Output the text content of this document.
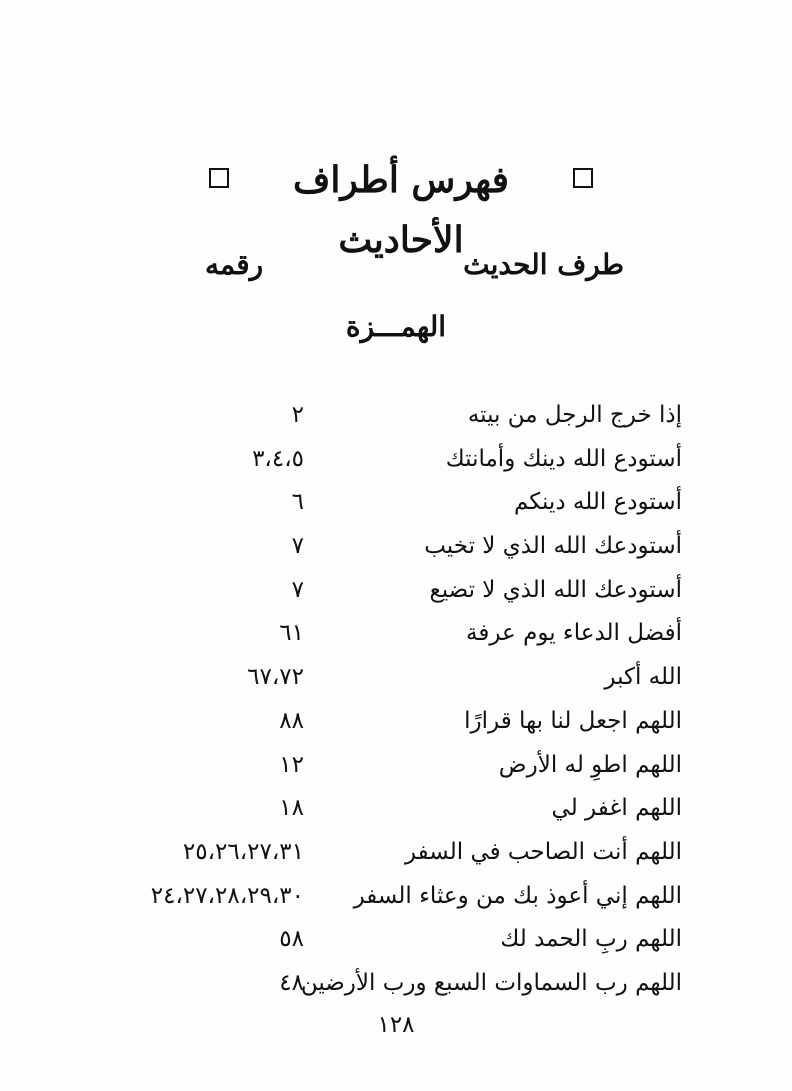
فهرس أطراف الأحاديث
طرف الحديث
رقمه
الهمـــزة
إذا خرج الرجل من بيته
٢
أستودع الله دينك وأمانتك
٣،٤،٥
أستودع الله دينكم
٦
أستودعك الله الذي لا تخيب
٧
أستودعك الله الذي لا تضيع
٧
أفضل الدعاء يوم عرفة
٦١
الله أكبر
٦٧،٧٢
اللهم اجعل لنا بها قرارًا
٨٨
اللهم اطوِ له الأرض
١٢
اللهم اغفر لي
١٨
اللهم أنت الصاحب في السفر
٢٥،٢٦،٢٧،٣١
اللهم إني أعوذ بك من وعثاء السفر
٢٤،٢٧،٢٨،٢٩،٣٠
اللهم ربِ الحمد لك
٥٨
اللهم رب السماوات السبع ورب الأرضين
٤٨
١٢٨
